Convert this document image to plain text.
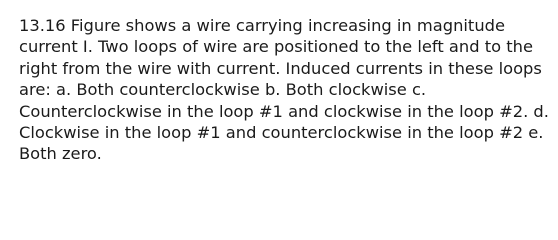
13.16 Figure shows a wire carrying increasing in magnitude
current I. Two loops of wire are positioned to the left and to the
right from the wire with current. Induced currents in these loops
are: a. Both counterclockwise b. Both clockwise c.
Counterclockwise in the loop #1 and clockwise in the loop #2. d.
Clockwise in the loop #1 and counterclockwise in the loop #2 e.
Both zero.
